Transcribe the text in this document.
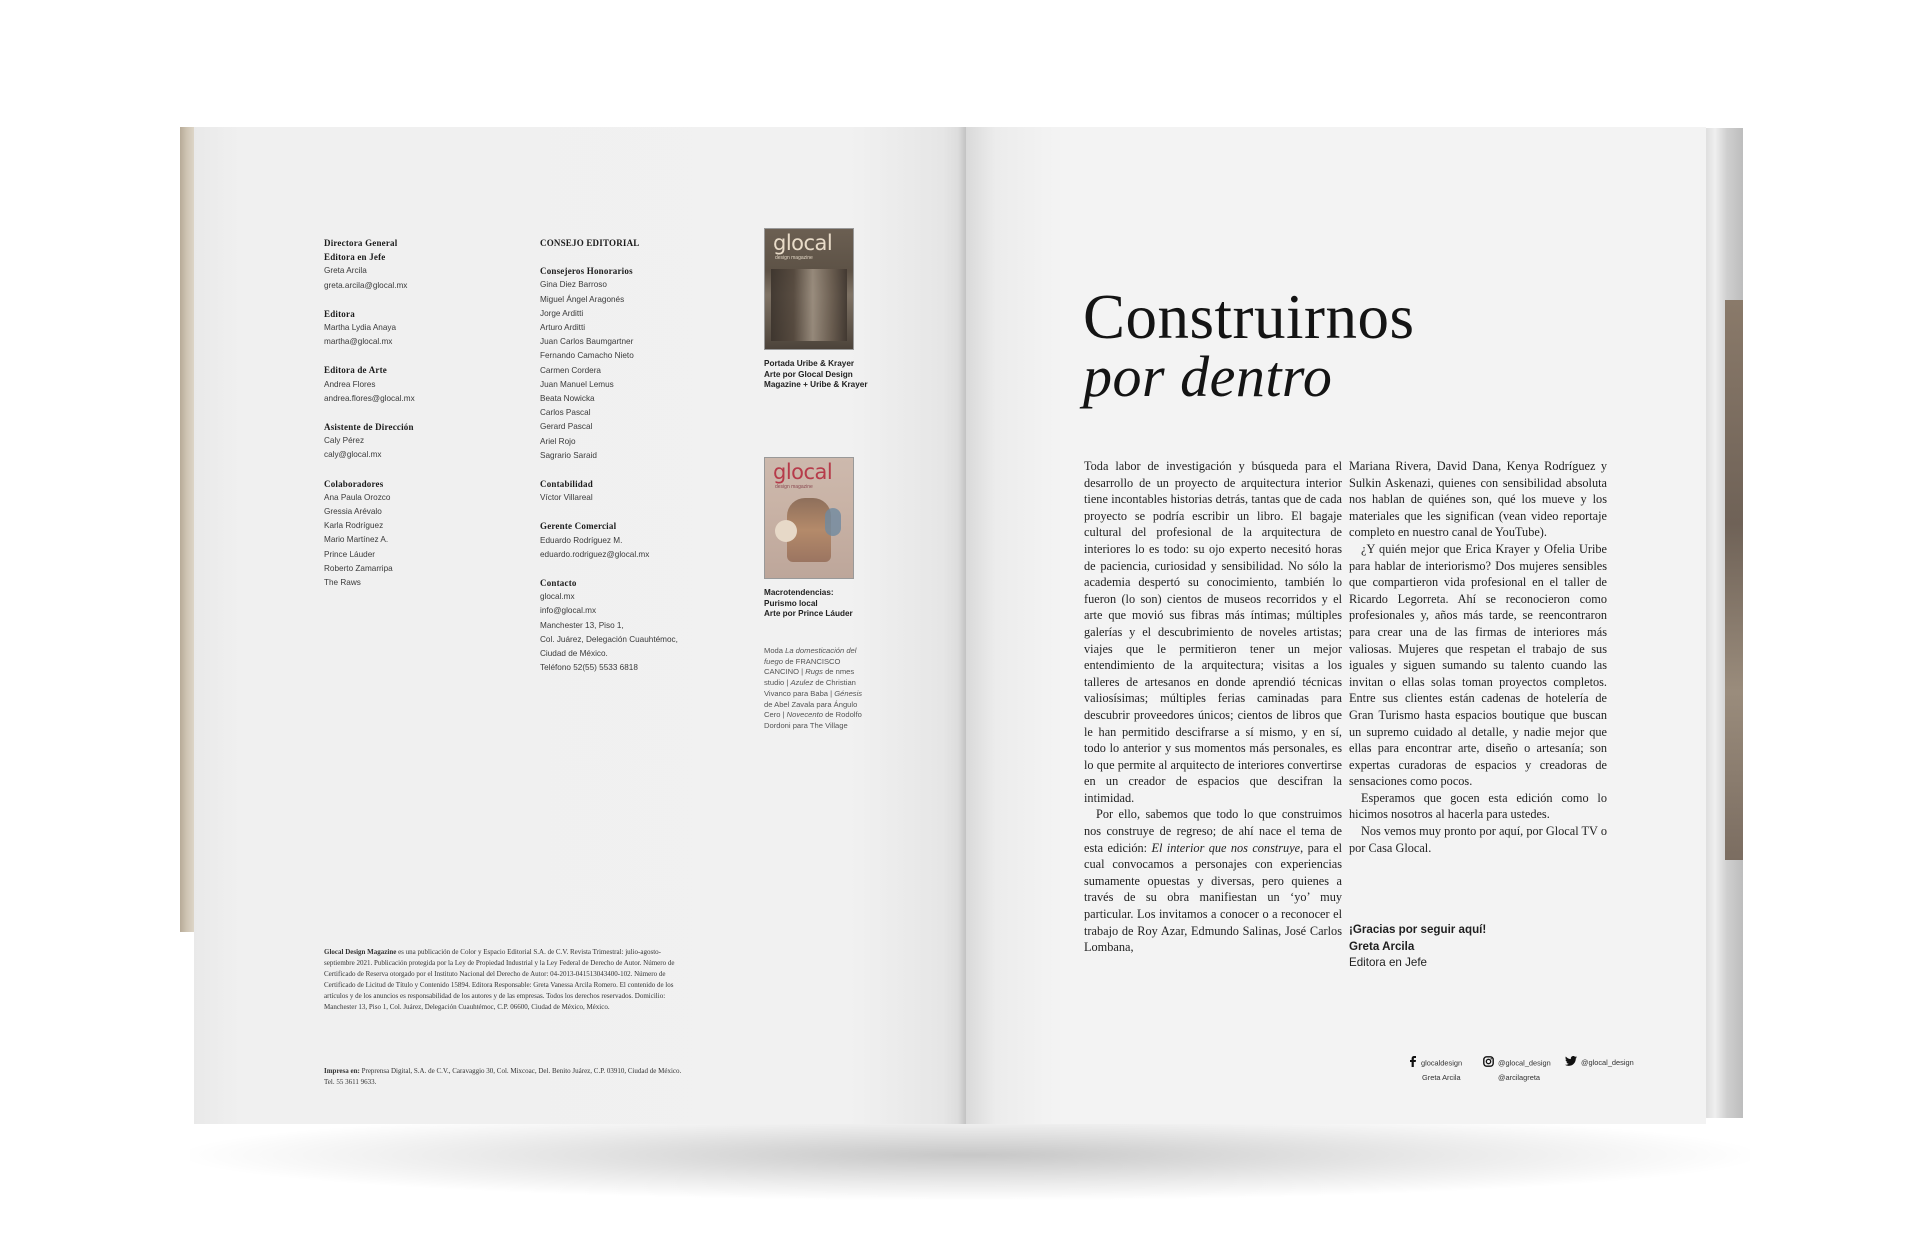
Directora General
Editora en Jefe
Greta Arcila
greta.arcila@glocal.mx
Editora
Martha Lydia Anaya
martha@glocal.mx
Editora de Arte
Andrea Flores
andrea.flores@glocal.mx
Asistente de Dirección
Caly Pérez
caly@glocal.mx
Colaboradores
Ana Paula Orozco
Gressia Arévalo
Karla Rodríguez
Mario Martínez A.
Prince Láuder
Roberto Zamarripa
The Raws
CONSEJO EDITORIAL
Consejeros Honorarios
Gina Diez Barroso
Miguel Ángel Aragonés
Jorge Arditti
Arturo Arditti
Juan Carlos Baumgartner
Fernando Camacho Nieto
Carmen Cordera
Juan Manuel Lemus
Beata Nowicka
Carlos Pascal
Gerard Pascal
Ariel Rojo
Sagrario Saraid
Contabilidad
Víctor Villareal
Gerente Comercial
Eduardo Rodríguez M.
eduardo.rodriguez@glocal.mx
Contacto
glocal.mx
info@glocal.mx
Manchester 13, Piso 1,
Col. Juárez, Delegación Cuauhtémoc,
Ciudad de México.
Teléfono 52(55) 5533 6818
glocal
design magazine
Portada Uribe & Krayer
Arte por Glocal Design
Magazine + Uribe & Krayer
glocal
design magazine
Macrotendencias:
Purismo local
Arte por Prince Láuder
Moda La domesticación del fuego de FRANCISCO CANCINO | Rugs de nmes studio | Azulez de Christian Vivanco para Baba | Génesis de Abel Zavala para Ángulo Cero | Novecento de Rodolfo Dordoni para The Village
Glocal Design Magazine es una publicación de Color y Espacio Editorial S.A. de C.V. Revista Trimestral: julio-agosto-septiembre 2021. Publicación protegida por la Ley de Propiedad Industrial y la Ley Federal de Derecho de Autor. Número de Certificado de Reserva otorgado por el Instituto Nacional del Derecho de Autor: 04-2013-041513043400-102. Número de Certificado de Licitud de Título y Contenido 15894. Editora Responsable: Greta Vanessa Arcila Romero. El contenido de los artículos y de los anuncios es responsabilidad de los autores y de las empresas. Todos los derechos reservados. Domicilio: Manchester 13, Piso 1, Col. Juárez, Delegación Cuauhtémoc, C.P. 06600, Ciudad de México, México.
Impresa en: Preprensa Digital, S.A. de C.V., Caravaggio 30, Col. Mixcoac, Del. Benito Juárez, C.P. 03910, Ciudad de México. Tel. 55 3611 9633.
Construirnos
por dentro

Toda labor de investigación y búsqueda para el desarrollo de un proyecto de arquitectura interior tiene incontables historias detrás, tantas que de cada proyecto se podría escribir un libro. El bagaje cultural del profesional de la arquitectura de interiores lo es todo: su ojo experto necesitó horas de paciencia, curiosidad y sensibilidad. No sólo la academia despertó su conocimiento, también lo fueron (lo son) cientos de museos recorridos y el arte que movió sus fibras más íntimas; múltiples galerías y el descubrimiento de noveles artistas; viajes que le permitieron tener un mejor entendimiento de la arquitectura; visitas a los talleres de artesanos en donde aprendió técnicas valiosísimas; múltiples ferias caminadas para descubrir proveedores únicos; cientos de libros que le han permitido descifrarse a sí mismo, y en sí, todo lo anterior y sus momentos más personales, es lo que permite al arquitecto de interiores convertirse en un creador de espacios que descifran la intimidad.

Por ello, sabemos que todo lo que construimos nos construye de regreso; de ahí nace el tema de esta edición: El interior que nos construye, para el cual convocamos a personajes con experiencias sumamente opuestas y diversas, pero quienes a través de su obra manifiestan un ‘yo’ muy particular. Los invitamos a conocer o a reconocer el trabajo de Roy Azar, Edmundo Salinas, José Carlos Lombana,

Mariana Rivera, David Dana, Kenya Rodríguez y Sulkin Askenazi, quienes con sensibilidad absoluta nos hablan de quiénes son, qué los mueve y los materiales que les significan (vean video reportaje completo en nuestro canal de YouTube).

¿Y quién mejor que Erica Krayer y Ofelia Uribe para hablar de interiorismo? Dos mujeres sensibles que compartieron vida profesional en el taller de Ricardo Legorreta. Ahí se reconocieron como profesionales y, años más tarde, se reencontraron para crear una de las firmas de interiores más valiosas. Mujeres que respetan el trabajo de sus iguales y siguen sumando su talento cuando las invitan o ellas solas toman proyectos completos. Entre sus clientes están cadenas de hotelería de Gran Turismo hasta espacios boutique que buscan un supremo cuidado al detalle, y nadie mejor que ellas para encontrar arte, diseño o artesanía; son expertas curadoras de espacios y creadoras de sensaciones como pocos.

Esperamos que gocen esta edición como lo hicimos nosotros al hacerla para ustedes.

Nos vemos muy pronto por aquí, por Glocal TV o por Casa Glocal.

¡Gracias por seguir aquí!
Greta Arcila
Editora en Jefe
glocaldesign
Greta Arcila
@glocal_design
@arcilagreta
@glocal_design
